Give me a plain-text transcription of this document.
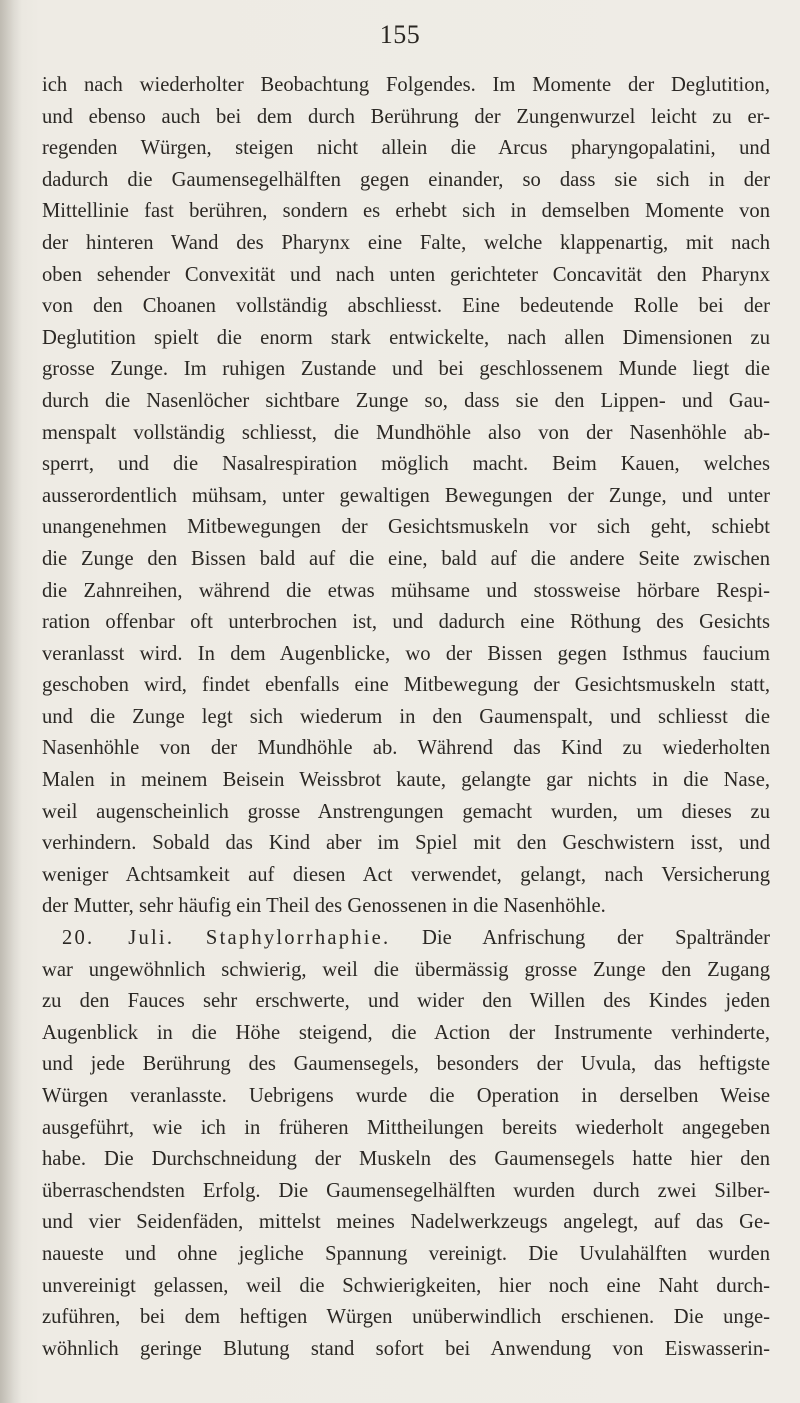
155
ich nach wiederholter Beobachtung Folgendes. Im Momente der Deglutition,
und ebenso auch bei dem durch Berührung der Zungenwurzel leicht zu er-
regenden Würgen, steigen nicht allein die Arcus pharyngopalatini, und
dadurch die Gaumensegelhälften gegen einander, so dass sie sich in der
Mittellinie fast berühren, sondern es erhebt sich in demselben Momente von
der hinteren Wand des Pharynx eine Falte, welche klappenartig, mit nach
oben sehender Convexität und nach unten gerichteter Concavität den Pharynx
von den Choanen vollständig abschliesst. Eine bedeutende Rolle bei der
Deglutition spielt die enorm stark entwickelte, nach allen Dimensionen zu
grosse Zunge. Im ruhigen Zustande und bei geschlossenem Munde liegt die
durch die Nasenlöcher sichtbare Zunge so, dass sie den Lippen- und Gau-
menspalt vollständig schliesst, die Mundhöhle also von der Nasenhöhle ab-
sperrt, und die Nasalrespiration möglich macht. Beim Kauen, welches
ausserordentlich mühsam, unter gewaltigen Bewegungen der Zunge, und unter
unangenehmen Mitbewegungen der Gesichtsmuskeln vor sich geht, schiebt
die Zunge den Bissen bald auf die eine, bald auf die andere Seite zwischen
die Zahnreihen, während die etwas mühsame und stossweise hörbare Respi-
ration offenbar oft unterbrochen ist, und dadurch eine Röthung des Gesichts
veranlasst wird. In dem Augenblicke, wo der Bissen gegen Isthmus faucium
geschoben wird, findet ebenfalls eine Mitbewegung der Gesichtsmuskeln statt,
und die Zunge legt sich wiederum in den Gaumenspalt, und schliesst die
Nasenhöhle von der Mundhöhle ab. Während das Kind zu wiederholten
Malen in meinem Beisein Weissbrot kaute, gelangte gar nichts in die Nase,
weil augenscheinlich grosse Anstrengungen gemacht wurden, um dieses zu
verhindern. Sobald das Kind aber im Spiel mit den Geschwistern isst, und
weniger Achtsamkeit auf diesen Act verwendet, gelangt, nach Versicherung
der Mutter, sehr häufig ein Theil des Genossenen in die Nasenhöhle.
20. Juli. Staphylorrhaphie. Die Anfrischung der Spaltränder
war ungewöhnlich schwierig, weil die übermässig grosse Zunge den Zugang
zu den Fauces sehr erschwerte, und wider den Willen des Kindes jeden
Augenblick in die Höhe steigend, die Action der Instrumente verhinderte,
und jede Berührung des Gaumensegels, besonders der Uvula, das heftigste
Würgen veranlasste. Uebrigens wurde die Operation in derselben Weise
ausgeführt, wie ich in früheren Mittheilungen bereits wiederholt angegeben
habe. Die Durchschneidung der Muskeln des Gaumensegels hatte hier den
überraschendsten Erfolg. Die Gaumensegelhälften wurden durch zwei Silber-
und vier Seidenfäden, mittelst meines Nadelwerkzeugs angelegt, auf das Ge-
naueste und ohne jegliche Spannung vereinigt. Die Uvulahälften wurden
unvereinigt gelassen, weil die Schwierigkeiten, hier noch eine Naht durch-
zuführen, bei dem heftigen Würgen unüberwindlich erschienen. Die unge-
wöhnlich geringe Blutung stand sofort bei Anwendung von Eiswasserin-
